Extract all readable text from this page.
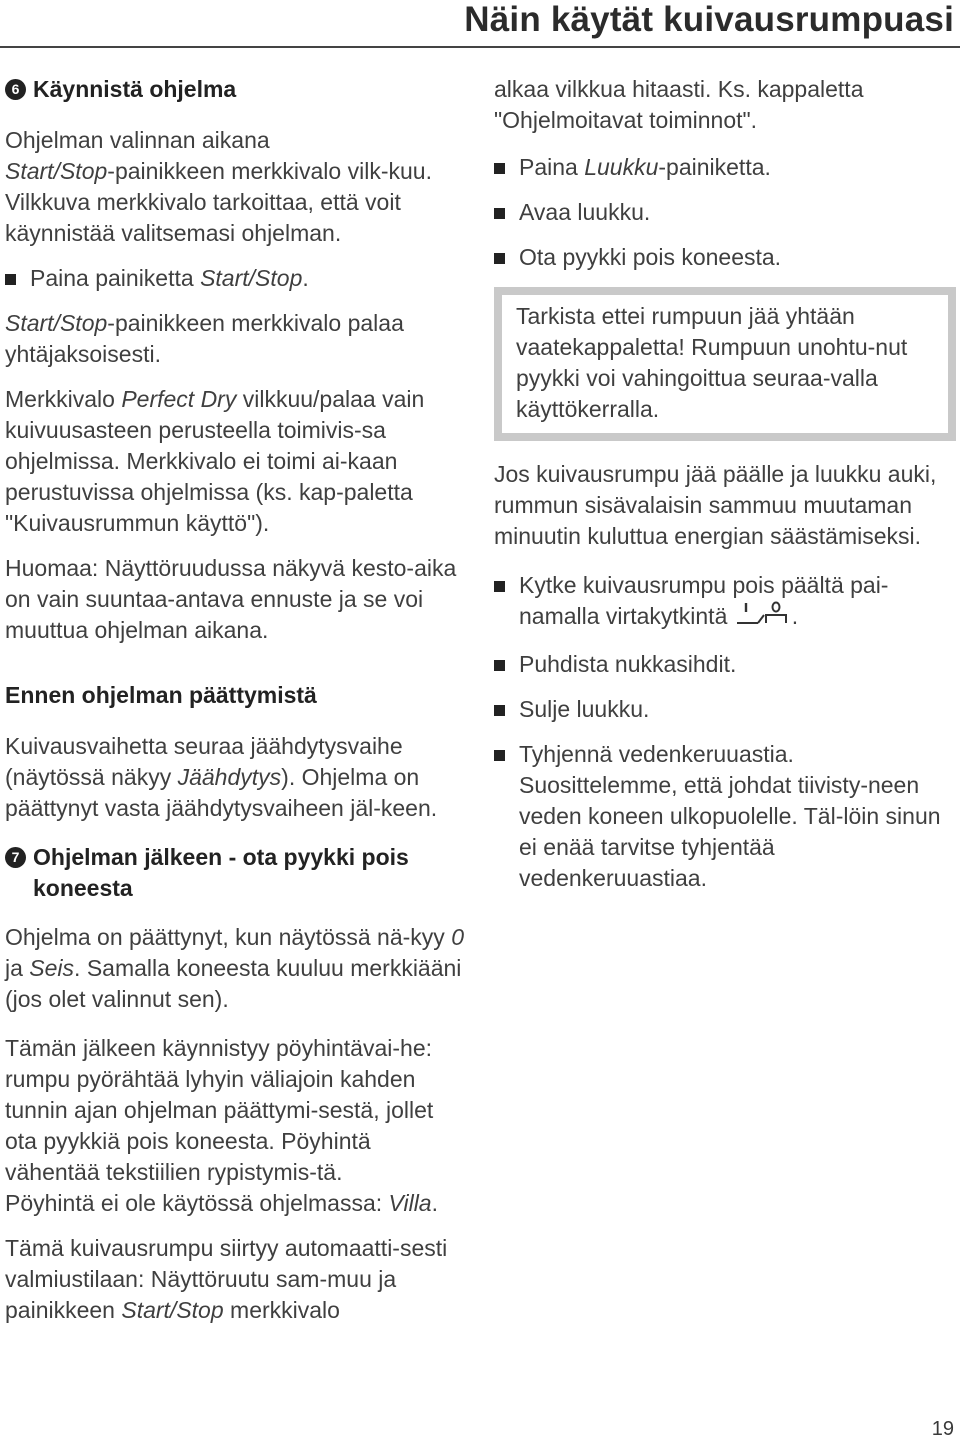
Näin käytät kuivausrumpuasi
6 Käynnistä ohjelma

Ohjelman valinnan aikana
Start/Stop-painikkeen merkkivalo vilk-kuu. Vilkkuva merkkivalo tarkoittaa, että voit käynnistää valitsemasi ohjelman.

Paina painiketta Start/Stop.

Start/Stop-painikkeen merkkivalo palaa yhtäjaksoisesti.

Merkkivalo Perfect Dry vilkkuu/palaa vain kuivuusasteen perusteella toimivis-sa ohjelmissa. Merkkivalo ei toimi ai-kaan perustuvissa ohjelmissa (ks. kap-paletta "Kuivausrummun käyttö").

Huomaa: Näyttöruudussa näkyvä kesto-aika on vain suuntaa-antava ennuste ja se voi muuttua ohjelman aikana.

Ennen ohjelman päättymistä

Kuivausvaihetta seuraa jäähdytysvaihe (näytössä näkyy Jäähdytys). Ohjelma on päättynyt vasta jäähdytysvaiheen jäl-keen.

7 Ohjelman jälkeen - ota pyykki pois koneesta

Ohjelma on päättynyt, kun näytössä nä-kyy 0 ja Seis. Samalla koneesta kuuluu merkkiääni (jos olet valinnut sen).

Tämän jälkeen käynnistyy pöyhintävai-he: rumpu pyörähtää lyhyin väliajoin kahden tunnin ajan ohjelman päättymi-sestä, jollet ota pyykkiä pois koneesta. Pöyhintä vähentää tekstiilien rypistymis-tä.

Pöyhintä ei ole käytössä ohjelmassa: Villa.

Tämä kuivausrumpu siirtyy automaatti-sesti valmiustilaan: Näyttöruutu sam-muu ja painikkeen Start/Stop merkkivalo

alkaa vilkkua hitaasti. Ks. kappaletta "Ohjelmoitavat toiminnot".

Paina Luukku-painiketta.
Avaa luukku.
Ota pyykki pois koneesta.
Tarkista ettei rumpuun jää yhtään vaatekappaletta! Rumpuun unohtu-nut pyykki voi vahingoittua seuraa-valla käyttökerralla.

Jos kuivausrumpu jää päälle ja luukku auki, rummun sisävalaisin sammuu muutaman minuutin kuluttua energian säästämiseksi.

Kytke kuivausrumpu pois päältä pai-namalla virtakytkintä	.
Puhdista nukkasihdit.
Sulje luukku.
Tyhjennä vedenkeruuastia. Suosittelemme, että johdat tiivisty-neen veden koneen ulkopuolelle. Täl-löin sinun ei enää tarvitse tyhjentää vedenkeruuastiaa.
19
